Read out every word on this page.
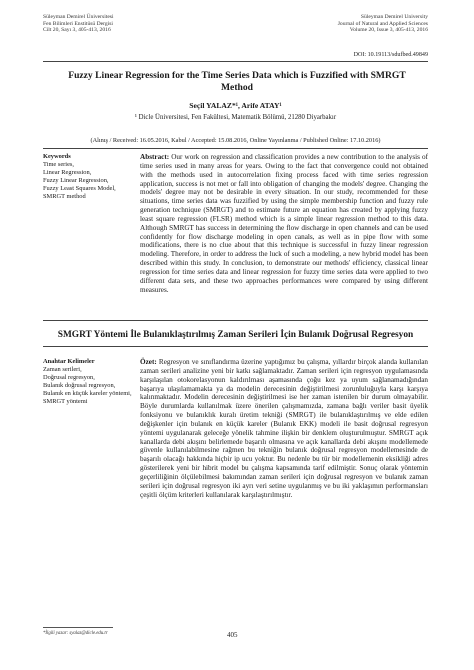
Süleyman Demirel Üniversitesi
Fen Bilimleri Enstitüsü Dergisi
Cilt 20, Sayı 3, 405-413, 2016
Süleyman Demirel University
Journal of Natural and Applied Sciences
Volume 20, Issue 3, 405-413, 2016
DOI: 10.19113/sdufbed.49849
Fuzzy Linear Regression for the Time Series Data which is Fuzzified with SMRGT Method
Seçil YALAZ*¹, Arife ATAY¹
¹ Dicle Üniversitesi, Fen Fakültesi, Matematik Bölümü, 21280 Diyarbakır
(Alınış / Received: 16.05.2016, Kabul / Accepted: 15.08.2016, Online Yayınlanma / Published Online: 17.10.2016)
Keywords
Time series,
Linear Regression,
Fuzzy Linear Regression,
Fuzzy Least Squares Model,
SMRGT method
Abstract: Our work on regression and classification provides a new contribution to the analysis of time series used in many areas for years. Owing to the fact that convergence could not obtained with the methods used in autocorrelation fixing process faced with time series regression application, success is not met or fall into obligation of changing the models' degree. Changing the models' degree may not be desirable in every situation. In our study, recommended for these situations, time series data was fuzzified by using the simple membership function and fuzzy rule generation technique (SMRGT) and to estimate future an equation has created by applying fuzzy least square regression (FLSR) method which is a simple linear regression method to this data. Although SMRGT has success in determining the flow discharge in open channels and can be used confidently for flow discharge modeling in open canals, as well as in pipe flow with some modifications, there is no clue about that this technique is successful in fuzzy linear regression modeling. Therefore, in order to address the luck of such a modeling, a new hybrid model has been described within this study. In conclusion, to demonstrate our methods' efficiency, classical linear regression for time series data and linear regression for fuzzy time series data were applied to two different data sets, and these two approaches performances were compared by using different measures.
SMGRT Yöntemi İle Bulanıklaştırılmış Zaman Serileri İçin Bulanık Doğrusal Regresyon
Anahtar Kelimeler
Zaman serileri,
Doğrusal regresyon,
Bulanık doğrusal regresyon,
Bulanık en küçük kareler yöntemi,
SMRGT yöntemi
Özet: Regresyon ve sınıflandırma üzerine yaptığımız bu çalışma, yıllardır birçok alanda kullanılan zaman serileri analizine yeni bir katkı sağlamaktadır. Zaman serileri için regresyon uygulamasında karşılaşılan otokorelasyonun kaldırılması aşamasında çoğu kez ya uyum sağlanamadığından başarıya ulaşılamamakta ya da modelin derecesinin değiştirilmesi zorunluluğuyla karşı karşıya kalınmaktadır. Modelin derecesinin değiştirilmesi ise her zaman istenilen bir durum olmayabilir. Böyle durumlarda kullanılmak üzere önerilen çalışmamızda, zamana bağlı veriler basit üyelik fonksiyonu ve bulanıklık kuralı üretim tekniği (SMRGT) ile bulanıklaştırılmış ve elde edilen değişkenler için bulanık en küçük kareler (Bulanık EKK) modeli ile basit doğrusal regresyon yöntemi uygulanarak geleceğe yönelik tahmine ilişkin bir denklem oluşturulmuştur. SMRGT açık kanallarda debi akışını belirlemede başarılı olmasına ve açık kanallarda debi akışını modellemede güvenle kullanılabilmesine rağmen bu tekniğin bulanık doğrusal regresyon modellemesinde de başarılı olacağı hakkında hiçbir ip ucu yoktur. Bu nedenle bu tür bir modellemenin eksikliği adres gösterilerek yeni bir hibrit model bu çalışma kapsamında tarif edilmiştir. Sonuç olarak yöntemin geçerliliğinin ölçülebilmesi bakımından zaman serileri için doğrusal regresyon ve bulanık zaman serileri için doğrusal regresyon iki ayrı veri setine uygulanmış ve bu iki yaklaşımın performansları çeşitli ölçüm kriterleri kullanılarak karşılaştırılmıştır.
*İlgili yazar: syalaz@dicle.edu.tr	405
